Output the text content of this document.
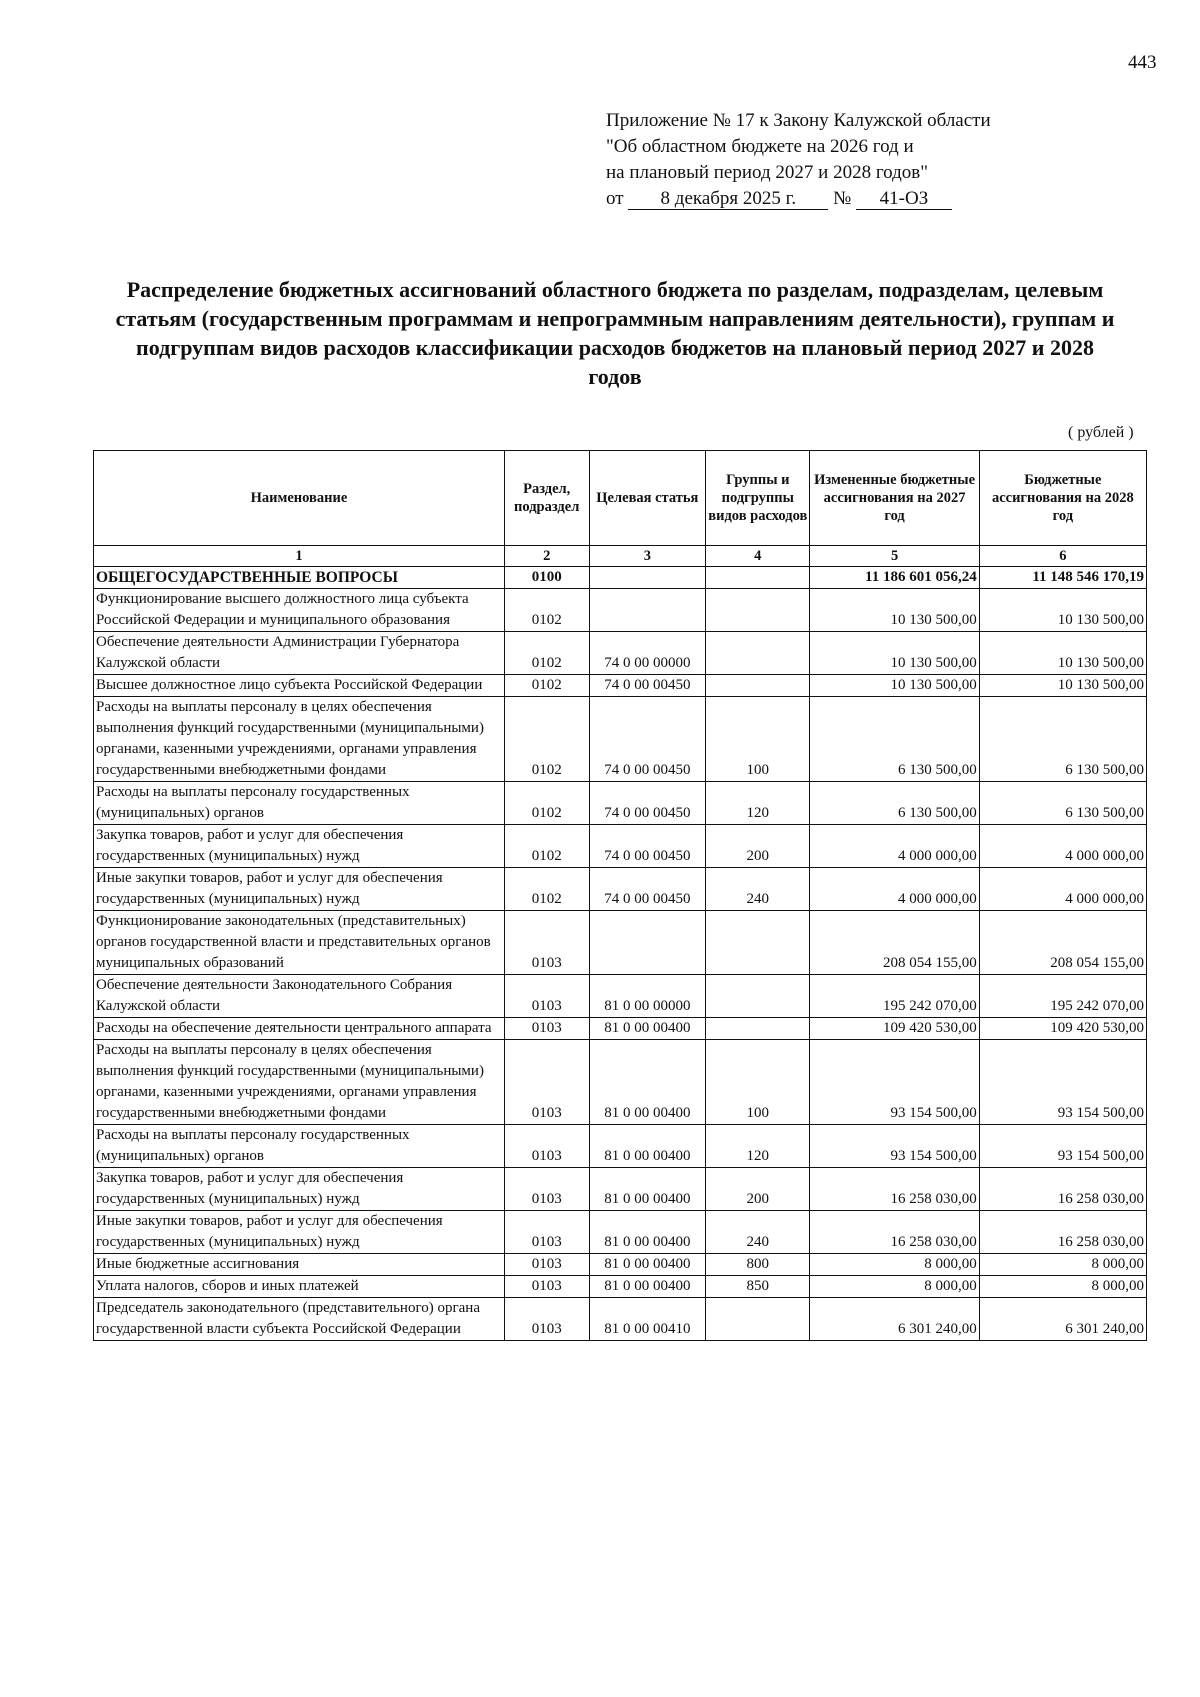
443
Приложение № 17 к Закону Калужской области
"Об областном бюджете на 2026 год и
на плановый период 2027 и 2028 годов"
от 8 декабря 2025 г. № 41-ОЗ
Распределение бюджетных ассигнований областного бюджета по разделам, подразделам, целевым статьям (государственным программам и непрограммным направлениям деятельности), группам и подгруппам видов расходов классификации расходов бюджетов на плановый период 2027 и 2028 годов
( рублей )
Наименование	Раздел, подраздел	Целевая статья	Группы и подгруппы видов расходов	Измененные бюджетные ассигнования на 2027 год	Бюджетные ассигнования на 2028 год
1	2	3	4	5	6
ОБЩЕГОСУДАРСТВЕННЫЕ ВОПРОСЫ	0100			11 186 601 056,24	11 148 546 170,19
Функционирование высшего должностного лица субъекта Российской Федерации и муниципального образования	0102			10 130 500,00	10 130 500,00
Обеспечение деятельности Администрации Губернатора Калужской области	0102	74 0 00 00000		10 130 500,00	10 130 500,00
Высшее должностное лицо субъекта Российской Федерации	0102	74 0 00 00450		10 130 500,00	10 130 500,00
Расходы на выплаты персоналу в целях обеспечения выполнения функций государственными (муниципальными) органами, казенными учреждениями, органами управления государственными внебюджетными фондами	0102	74 0 00 00450	100	6 130 500,00	6 130 500,00
Расходы на выплаты персоналу государственных (муниципальных) органов	0102	74 0 00 00450	120	6 130 500,00	6 130 500,00
Закупка товаров, работ и услуг для обеспечения государственных (муниципальных) нужд	0102	74 0 00 00450	200	4 000 000,00	4 000 000,00
Иные закупки товаров, работ и услуг для обеспечения государственных (муниципальных) нужд	0102	74 0 00 00450	240	4 000 000,00	4 000 000,00
Функционирование законодательных (представительных) органов государственной власти и представительных органов муниципальных образований	0103			208 054 155,00	208 054 155,00
Обеспечение деятельности Законодательного Собрания Калужской области	0103	81 0 00 00000		195 242 070,00	195 242 070,00
Расходы на обеспечение деятельности центрального аппарата	0103	81 0 00 00400		109 420 530,00	109 420 530,00
Расходы на выплаты персоналу в целях обеспечения выполнения функций государственными (муниципальными) органами, казенными учреждениями, органами управления государственными внебюджетными фондами	0103	81 0 00 00400	100	93 154 500,00	93 154 500,00
Расходы на выплаты персоналу государственных (муниципальных) органов	0103	81 0 00 00400	120	93 154 500,00	93 154 500,00
Закупка товаров, работ и услуг для обеспечения государственных (муниципальных) нужд	0103	81 0 00 00400	200	16 258 030,00	16 258 030,00
Иные закупки товаров, работ и услуг для обеспечения государственных (муниципальных) нужд	0103	81 0 00 00400	240	16 258 030,00	16 258 030,00
Иные бюджетные ассигнования	0103	81 0 00 00400	800	8 000,00	8 000,00
Уплата налогов, сборов и иных платежей	0103	81 0 00 00400	850	8 000,00	8 000,00
Председатель законодательного (представительного) органа государственной власти субъекта Российской Федерации	0103	81 0 00 00410		6 301 240,00	6 301 240,00
